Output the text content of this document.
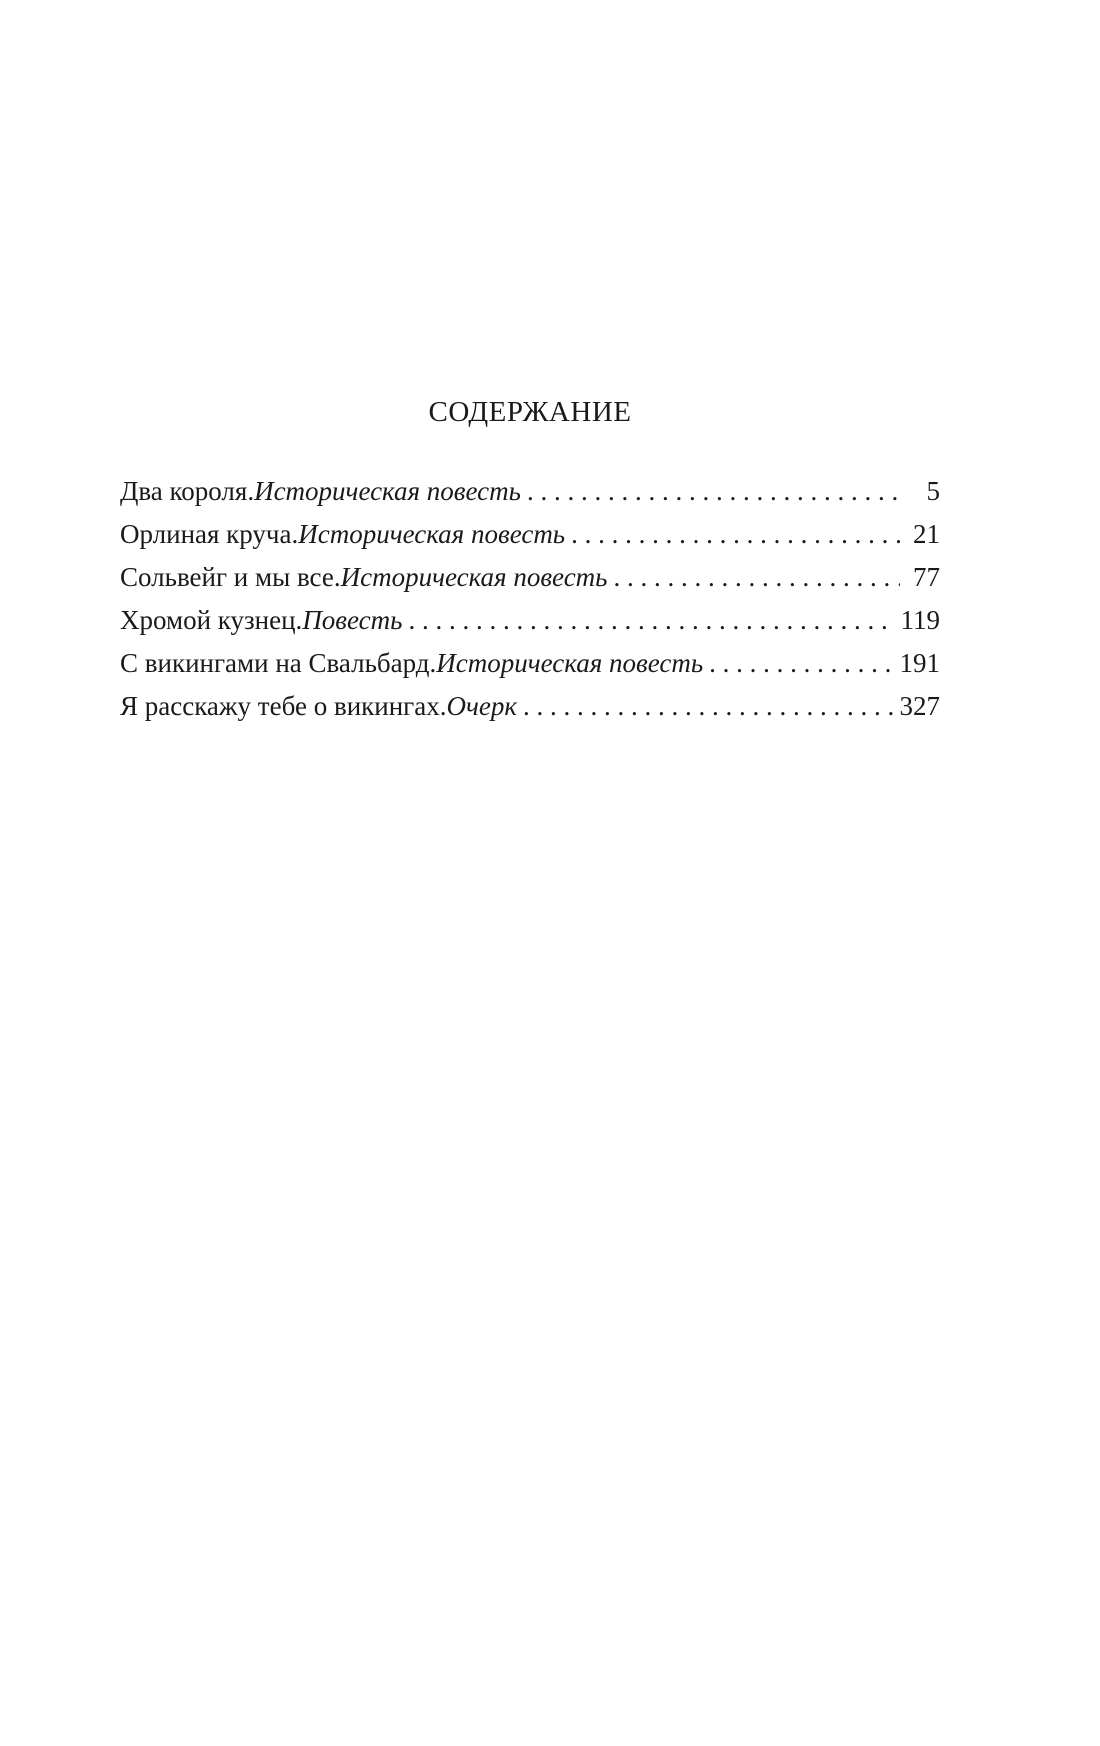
СОДЕРЖАНИЕ
Два короля. Историческая повесть . . .	5
Орлиная круча. Историческая повесть . . .	21
Сольвейг и мы все. Историческая повесть . . .	77
Хромой кузнец. Повесть . . .	119
С викингами на Свальбард. Историческая повесть . . .	191
Я расскажу тебе о викингах. Очерк . . .	327
